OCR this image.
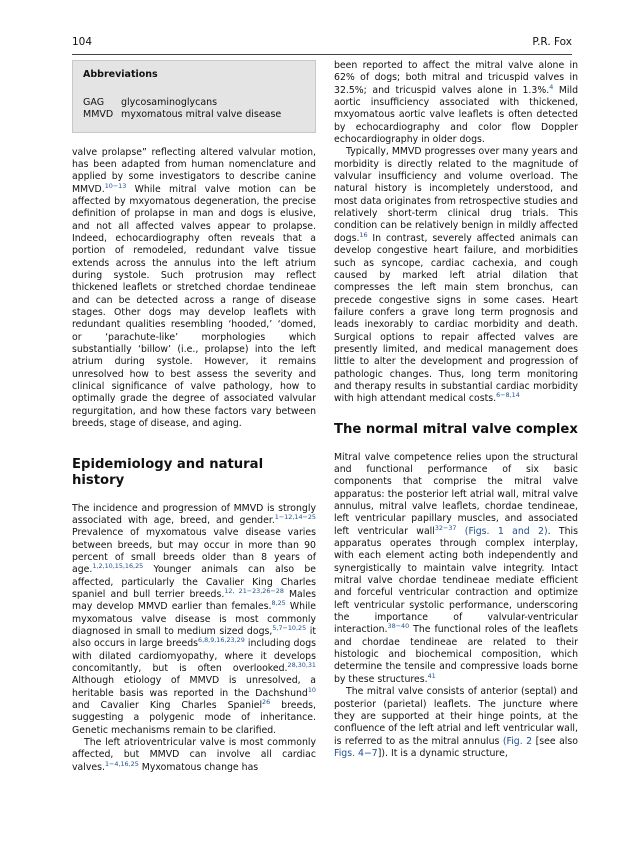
104	P.R. Fox
Abbreviations
GAG	glycosaminoglycans
MMVD myxomatous mitral valve disease

valve prolapse” reflecting altered valvular motion, has been adapted from human nomenclature and applied by some investigators to describe canine MMVD.$^{10-13}$ While mitral valve motion can be affected by mxyomatous degeneration, the precise definition of prolapse in man and dogs is elusive, and not all affected valves appear to prolapse. Indeed, echocardiography often reveals that a portion of remodeled, redundant valve tissue extends across the annulus into the left atrium during systole. Such protrusion may reflect thickened leaflets or stretched chordae tendineae and can be detected across a range of disease stages. Other dogs may develop leaflets with redundant qualities resembling ‘hooded,’ ‘domed, or ‘parachute-like’ morphologies which substantially ‘billow’ (i.e., prolapse) into the left atrium during systole. However, it remains unresolved how to best assess the severity and clinical significance of valve pathology, how to optimally grade the degree of associated valvular regurgitation, and how these factors vary between breeds, stage of disease, and aging.

Epidemiology and natural history

The incidence and progression of MMVD is strongly associated with age, breed, and gender.$^{1-12,14-25}$ Prevalence of myxomatous valve disease varies between breeds, but may occur in more than 90 percent of small breeds older than 8 years of age.$^{1,2,10,15,16,25}$ Younger animals can also be affected, particularly the Cavalier King Charles spaniel and bull terrier breeds.$^{12, 21-23,26-28}$ Males may develop MMVD earlier than females.$^{8,25}$ While myxomatous valve disease is most commonly diagnosed in small to medium sized dogs,$^{5,7-10,25}$ it also occurs in large breeds$^{6,8,9,16,23,29}$ including dogs with dilated cardiomyopathy, where it develops concomitantly, but is often overlooked.$^{28,30,31}$ Although etiology of MMVD is unresolved, a heritable basis was reported in the Dachshund$^{10}$ and Cavalier King Charles Spaniel$^{26}$ breeds, suggesting a polygenic mode of inheritance. Genetic mechanisms remain to be clarified.

The left atrioventricular valve is most commonly affected, but MMVD can involve all cardiac valves.$^{1-4,16,25}$ Myxomatous change has

been reported to affect the mitral valve alone in 62% of dogs; both mitral and tricuspid valves in 32.5%; and tricuspid valves alone in 1.3%.$^4$ Mild aortic insufficiency associated with thickened, mxyomatous aortic valve leaflets is often detected by echocardiography and color flow Doppler echocardiography in older dogs.

Typically, MMVD progresses over many years and morbidity is directly related to the magnitude of valvular insufficiency and volume overload. The natural history is incompletely understood, and most data originates from retrospective studies and relatively short-term clinical drug trials. This condition can be relatively benign in mildly affected dogs.$^{16}$ In contrast, severely affected animals can develop congestive heart failure, and morbidities such as syncope, cardiac cachexia, and cough caused by marked left atrial dilation that compresses the left main stem bronchus, can precede congestive signs in some cases. Heart failure confers a grave long term prognosis and leads inexorably to cardiac morbidity and death. Surgical options to repair affected valves are presently limited, and medical management does little to alter the development and progression of pathologic changes. Thus, long term monitoring and therapy results in substantial cardiac morbidity with high attendant medical costs.$^{6-8,14}$

The normal mitral valve complex

Mitral valve competence relies upon the structural and functional performance of six basic components that comprise the mitral valve apparatus: the posterior left atrial wall, mitral valve annulus, mitral valve leaflets, chordae tendineae, left ventricular papillary muscles, and associated left ventricular wall$^{32-37}$ (Figs. 1 and 2). This apparatus operates through complex interplay, with each element acting both independently and synergistically to maintain valve integrity. Intact mitral valve chordae tendineae mediate efficient and forceful ventricular contraction and optimize left ventricular systolic performance, underscoring the importance of valvular-ventricular interaction.$^{38-40}$ The functional roles of the leaflets and chordae tendineae are related to their histologic and biochemical composition, which determine the tensile and compressive loads borne by these structures.$^{41}$

The mitral valve consists of anterior (septal) and posterior (parietal) leaflets. The juncture where they are supported at their hinge points, at the confluence of the left atrial and left ventricular wall, is referred to as the mitral annulus (Fig. 2 [see also Figs. 4−7]). It is a dynamic structure,
